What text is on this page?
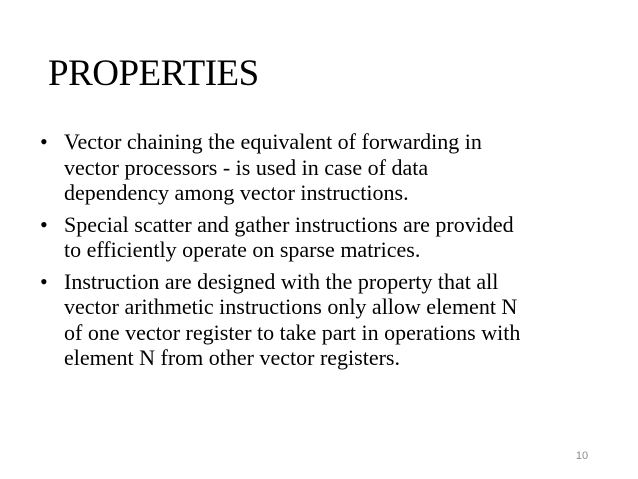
PROPERTIES
• Vector chaining the equivalent of forwarding in
vector processors - is used in case of data
dependency among vector instructions.
• Special scatter and gather instructions are provided
to efficiently operate on sparse matrices.
• Instruction are designed with the property that all
vector arithmetic instructions only allow element N
of one vector register to take part in operations with
element N from other vector registers.
10
